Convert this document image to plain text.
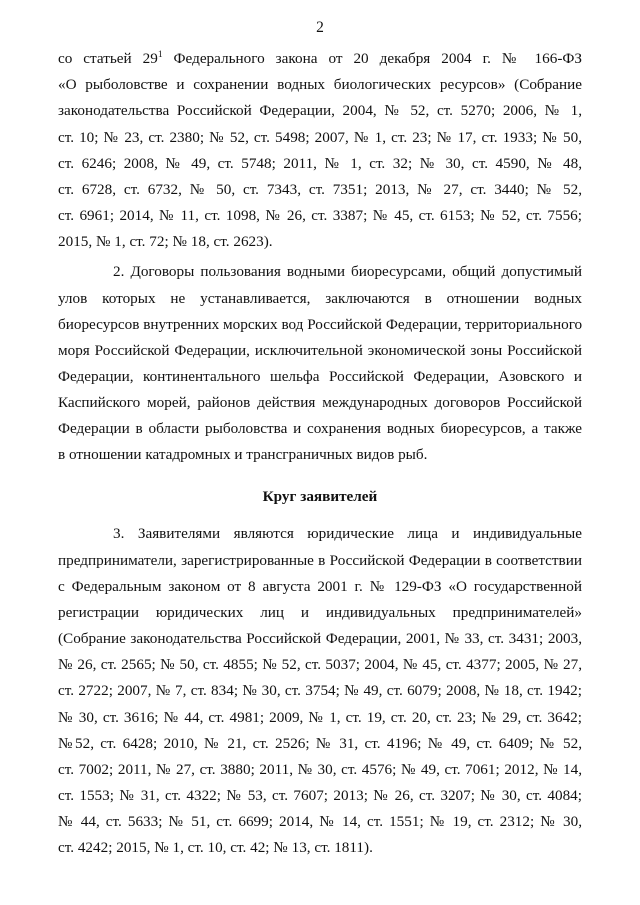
2
со статьей $29^1$ Федерального закона от 20 декабря 2004 г. № 166-ФЗ
«О рыболовстве и сохранении водных биологических ресурсов» (Собрание
законодательства Российской Федерации, 2004, № 52, ст. 5270; 2006, № 1,
ст. 10; № 23, ст. 2380; № 52, ст. 5498; 2007, № 1, ст. 23; № 17, ст. 1933; № 50,
ст. 6246; 2008, № 49, ст. 5748; 2011, № 1, ст. 32; № 30, ст. 4590, № 48,
ст. 6728, ст. 6732, № 50, ст. 7343, ст. 7351; 2013, № 27, ст. 3440; № 52,
ст. 6961; 2014, № 11, ст. 1098, № 26, ст. 3387; № 45, ст. 6153; № 52, ст. 7556;
2015, № 1, ст. 72; № 18, ст. 2623).
2. Договоры пользования водными биоресурсами, общий допустимый
улов которых не устанавливается, заключаются в отношении водных
биоресурсов внутренних морских вод Российской Федерации, территориального
моря Российской Федерации, исключительной экономической зоны Российской
Федерации, континентального шельфа Российской Федерации, Азовского и
Каспийского морей, районов действия международных договоров Российской
Федерации в области рыболовства и сохранения водных биоресурсов, а также
в отношении катадромных и трансграничных видов рыб.
Круг заявителей
3. Заявителями являются юридические лица и индивидуальные
предприниматели, зарегистрированные в Российской Федерации в соответствии
с Федеральным законом от 8 августа 2001 г. № 129-ФЗ «О государственной
регистрации юридических лиц и индивидуальных предпринимателей»
(Собрание законодательства Российской Федерации, 2001, № 33, ст. 3431; 2003,
№ 26, ст. 2565; № 50, ст. 4855; № 52, ст. 5037; 2004, № 45, ст. 4377; 2005, № 27,
ст. 2722; 2007, № 7, ст. 834; № 30, ст. 3754; № 49, ст. 6079; 2008, № 18, ст. 1942;
№ 30, ст. 3616; № 44, ст. 4981; 2009, № 1, ст. 19, ст. 20, ст. 23; № 29, ст. 3642;
№52, ст. 6428; 2010, № 21, ст. 2526; № 31, ст. 4196; № 49, ст. 6409; № 52,
ст. 7002; 2011, № 27, ст. 3880; 2011, № 30, ст. 4576; № 49, ст. 7061; 2012, № 14,
ст. 1553; № 31, ст. 4322; № 53, ст. 7607; 2013; № 26, ст. 3207; № 30, ст. 4084;
№ 44, ст. 5633; № 51, ст. 6699; 2014, № 14, ст. 1551; № 19, ст. 2312; № 30,
ст. 4242; 2015, № 1, ст. 10, ст. 42; № 13, ст. 1811).
